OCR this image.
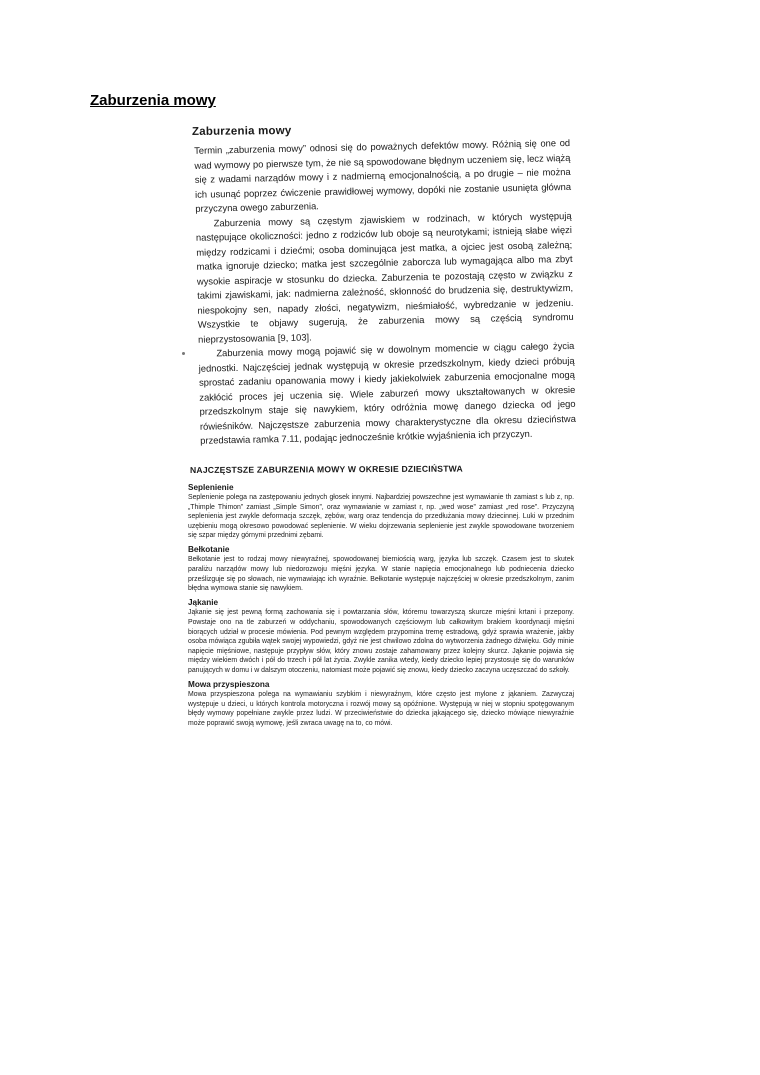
Zaburzenia mowy
Zaburzenia mowy

Termin „zaburzenia mowy” odnosi się do poważnych defektów mowy. Różnią się one od wad wymowy po pierwsze tym, że nie są spowodowane błędnym uczeniem się, lecz wiążą się z wadami narządów mowy i z nadmierną emocjonalnością, a po drugie – nie można ich usunąć poprzez ćwiczenie prawidłowej wymowy, dopóki nie zostanie usunięta główna przyczyna owego zaburzenia.

Zaburzenia mowy są częstym zjawiskiem w rodzinach, w których występują następujące okoliczności: jedno z rodziców lub oboje są neurotykami; istnieją słabe więzi między rodzicami i dziećmi; osoba dominująca jest matka, a ojciec jest osobą zależną; matka ignoruje dziecko; matka jest szczególnie zaborcza lub wymagająca albo ma zbyt wysokie aspiracje w stosunku do dziecka. Zaburzenia te pozostają często w związku z takimi zjawiskami, jak: nadmierna zależność, skłonność do brudzenia się, destruktywizm, niespokojny sen, napady złości, negatywizm, nieśmiałość, wybredzanie w jedzeniu. Wszystkie te objawy sugerują, że zaburzenia mowy są częścią syndromu nieprzystosowania [9, 103].

Zaburzenia mowy mogą pojawić się w dowolnym momencie w ciągu całego życia jednostki. Najczęściej jednak występują w okresie przedszkolnym, kiedy dzieci próbują sprostać zadaniu opanowania mowy i kiedy jakiekolwiek zaburzenia emocjonalne mogą zakłócić proces jej uczenia się. Wiele zaburzeń mowy ukształtowanych w okresie przedszkolnym staje się nawykiem, który odróżnia mowę danego dziecka od jego rówieśników. Najczęstsze zaburzenia mowy charakterystyczne dla okresu dzieciństwa przedstawia ramka 7.11, podając jednocześnie krótkie wyjaśnienia ich przyczyn.

NAJCZĘSTSZE ZABURZENIA MOWY W OKRESIE DZIECIŃSTWA

Seplenienie

Seplenienie polega na zastępowaniu jednych głosek innymi. Najbardziej powszechne jest wymawianie th zamiast s lub z, np. „Thimple Thimon” zamiast „Simple Simon”, oraz wymawianie w zamiast r, np. „wed wose” zamiast „red rose”. Przyczyną seplenienia jest zwykle deformacja szczęk, zębów, warg oraz tendencja do przedłużania mowy dziecinnej. Luki w przednim uzębieniu mogą okresowo powodować seplenienie. W wieku dojrzewania seplenienie jest zwykle spowodowane tworzeniem się szpar między górnymi przednimi zębami.

Bełkotanie

Bełkotanie jest to rodzaj mowy niewyraźnej, spowodowanej bierniością warg, języka lub szczęk. Czasem jest to skutek paraliżu narządów mowy lub niedorozwoju mięśni języka. W stanie napięcia emocjonalnego lub podniecenia dziecko prześlizguje się po słowach, nie wymawiając ich wyraźnie. Bełkotanie występuje najczęściej w okresie przedszkolnym, zanim błędna wymowa stanie się nawykiem.

Jąkanie

Jąkanie się jest pewną formą zachowania się i powtarzania słów, któremu towarzyszą skurcze mięśni krtani i przepony. Powstaje ono na tle zaburzeń w oddychaniu, spowodowanych częściowym lub całkowitym brakiem koordynacji mięśni biorących udział w procesie mówienia. Pod pewnym względem przypomina tremę estradową, gdyż sprawia wrażenie, jakby osoba mówiąca zgubiła wątek swojej wypowiedzi, gdyż nie jest chwilowo zdolna do wytworzenia żadnego dźwięku. Gdy minie napięcie mięśniowe, następuje przypływ słów, który znowu zostaje zahamowany przez kolejny skurcz. Jąkanie pojawia się między wiekiem dwóch i pół do trzech i pół lat życia. Zwykle zanika wtedy, kiedy dziecko lepiej przystosuje się do warunków panujących w domu i w dalszym otoczeniu, natomiast może pojawić się znowu, kiedy dziecko zaczyna uczęszczać do szkoły.

Mowa przyspieszona

Mowa przyspieszona polega na wymawianiu szybkim i niewyraźnym, które często jest mylone z jąkaniem. Zazwyczaj występuje u dzieci, u których kontrola motoryczna i rozwój mowy są opóźnione. Występują w niej w stopniu spotęgowanym błędy wymowy popełniane zwykle przez ludzi. W przeciwieństwie do dziecka jąkającego się, dziecko mówiące niewyraźnie może poprawić swoją wymowę, jeśli zwraca uwagę na to, co mówi.
